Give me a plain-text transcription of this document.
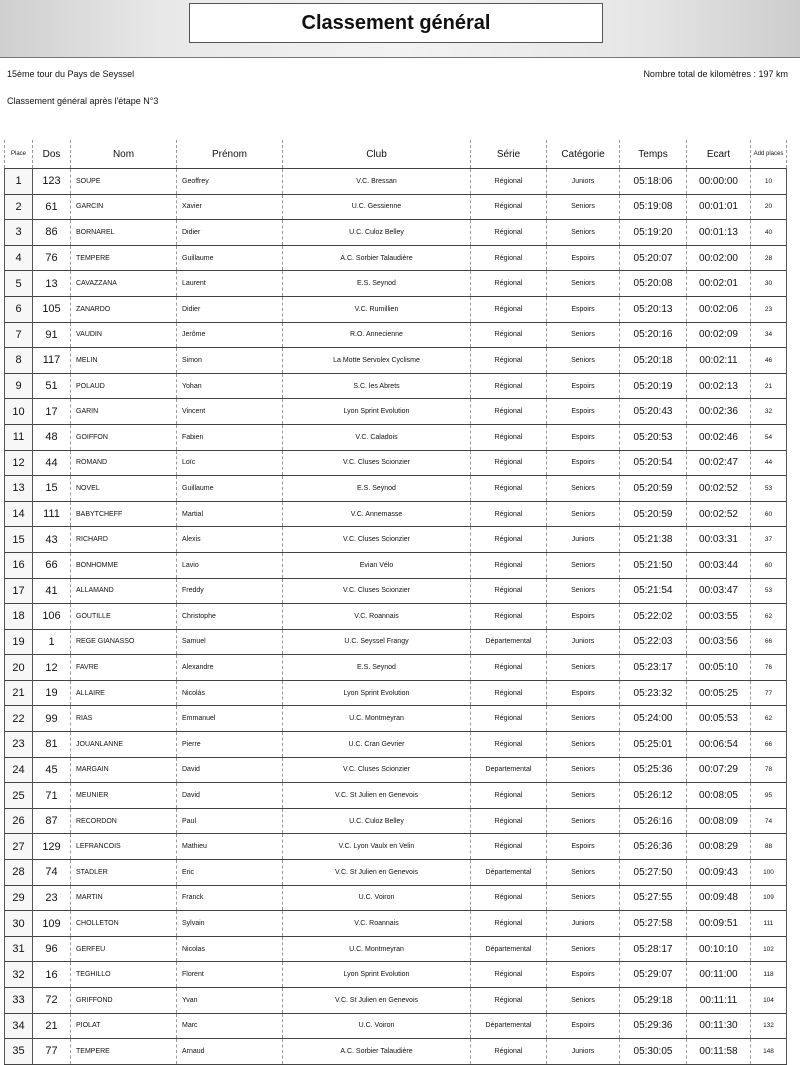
Classement général
15ème tour du Pays de Seyssel	Nombre total de kilomètres : 197 km
Classement général après l'étape N°3
Place	Dos	Nom	Prénom	Club	Série	Catégorie	Temps	Ecart	Add places
1	123	SOUPE	Geoffrey	V.C. Bressan	Régional	Juniors	05:18:06	00:00:00	10
2	61	GARCIN	Xavier	U.C. Gessienne	Régional	Seniors	05:19:08	00:01:01	20
3	86	BORNAREL	Didier	U.C. Culoz Belley	Régional	Seniors	05:19:20	00:01:13	40
4	76	TEMPERE	Guillaume	A.C. Sorbier Talaudière	Régional	Espoirs	05:20:07	00:02:00	28
5	13	CAVAZZANA	Laurent	E.S. Seynod	Régional	Seniors	05:20:08	00:02:01	30
6	105	ZANARDO	Didier	V.C. Rumillien	Régional	Espoirs	05:20:13	00:02:06	23
7	91	VAUDIN	Jerôme	R.O. Annecienne	Régional	Seniors	05:20:16	00:02:09	34
8	117	MELIN	Simon	La Motte Servolex Cyclisme	Régional	Seniors	05:20:18	00:02:11	46
9	51	POLAUD	Yohan	S.C. les Abrets	Régional	Espoirs	05:20:19	00:02:13	21
10	17	GARIN	Vincent	Lyon Sprint Evolution	Régional	Espoirs	05:20:43	00:02:36	32
11	48	GOIFFON	Fabien	V.C. Caladois	Régional	Espoirs	05:20:53	00:02:46	54
12	44	ROMAND	Loïc	V.C. Cluses Scionzier	Régional	Espoirs	05:20:54	00:02:47	44
13	15	NOVEL	Guillaume	E.S. Seynod	Régional	Seniors	05:20:59	00:02:52	53
14	111	BABYTCHEFF	Martial	V.C. Annemasse	Régional	Seniors	05:20:59	00:02:52	60
15	43	RICHARD	Alexis	V.C. Cluses Scionzier	Régional	Juniors	05:21:38	00:03:31	37
16	66	BONHOMME	Lavio	Evian Vélo	Régional	Seniors	05:21:50	00:03:44	60
17	41	ALLAMAND	Freddy	V.C. Cluses Scionzier	Régional	Seniors	05:21:54	00:03:47	53
18	106	GOUTILLE	Christophe	V.C. Roannais	Régional	Espoirs	05:22:02	00:03:55	62
19	1	REGE GIANASSO	Samuel	U.C. Seyssel Frangy	Départemental	Juniors	05:22:03	00:03:56	66
20	12	FAVRE	Alexandre	E.S. Seynod	Régional	Seniors	05:23:17	00:05:10	76
21	19	ALLAIRE	Nicolás	Lyon Sprint Evolution	Régional	Espoirs	05:23:32	00:05:25	77
22	99	RIAS	Emmanuel	U.C. Montmeyran	Régional	Seniors	05:24:00	00:05:53	62
23	81	JOUANLANNE	Pierre	U.C. Cran Gevrier	Régional	Seniors	05:25:01	00:06:54	66
24	45	MARGAIN	David	V.C. Cluses Scionzier	Departemental	Seniors	05:25:36	00:07:29	78
25	71	MEUNIER	David	V.C. St Julien en Genevois	Régional	Seniors	05:26:12	00:08:05	95
26	87	RECORDON	Paul	U.C. Culoz Belley	Régional	Seniors	05:26:16	00:08:09	74
27	129	LEFRANCOIS	Mathieu	V.C. Lyon Vaulx en Velin	Régional	Espoirs	05:26:36	00:08:29	88
28	74	STADLER	Eric	V.C. St Julien en Genevois	Départemental	Seniors	05:27:50	00:09:43	100
29	23	MARTIN	Franck	U.C. Voiron	Régional	Seniors	05:27:55	00:09:48	109
30	109	CHOLLETON	Sylvain	V.C. Roannais	Régional	Juniors	05:27:58	00:09:51	111
31	96	GERFEU	Nicolas	U.C. Montmeyran	Départemental	Seniors	05:28:17	00:10:10	102
32	16	TEGHILLO	Florent	Lyon Sprint Evolution	Régional	Espoirs	05:29:07	00:11:00	118
33	72	GRIFFOND	Yvan	V.C. St Julien en Genevois	Régional	Seniors	05:29:18	00:11:11	104
34	21	PIOLAT	Marc	U.C. Voiron	Départemental	Espoirs	05:29:36	00:11:30	132
35	77	TEMPERE	Arnaud	A.C. Sorbier Talaudière	Régional	Juniors	05:30:05	00:11:58	148
